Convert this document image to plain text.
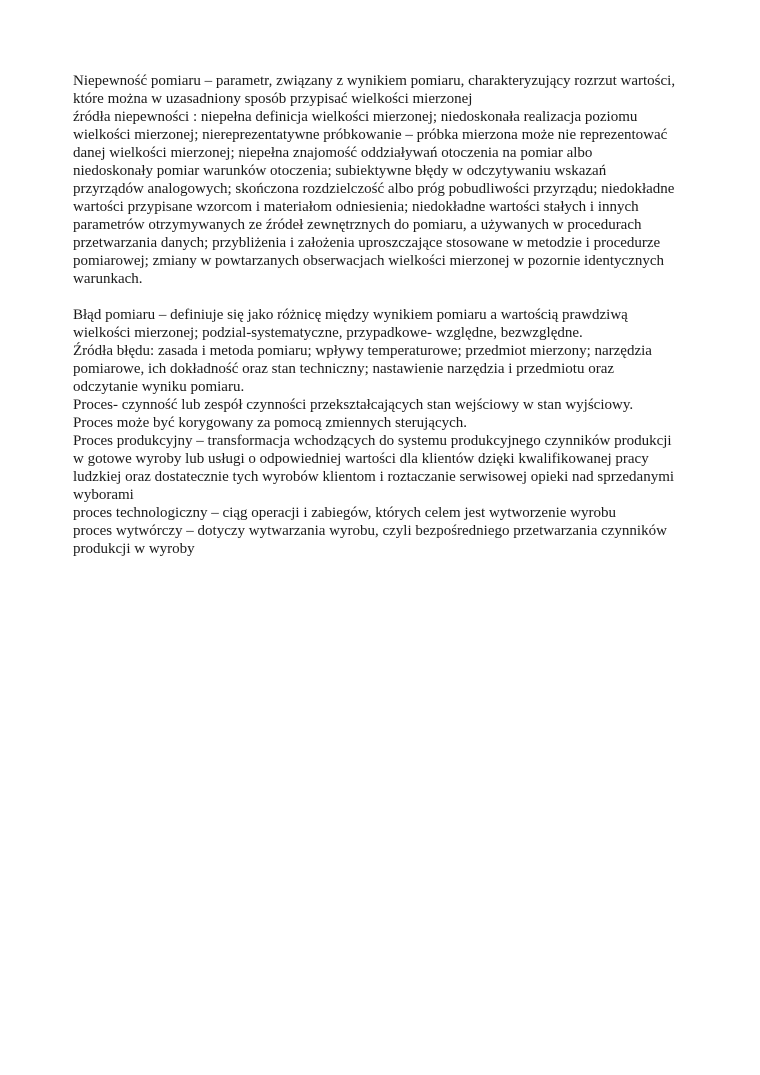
Niepewność pomiaru – parametr, związany z wynikiem pomiaru, charakteryzujący rozrzut wartości,
które można w uzasadniony sposób przypisać wielkości mierzonej
źródła niepewności : niepełna definicja wielkości mierzonej; niedoskonała realizacja poziomu
wielkości mierzonej; niereprezentatywne próbkowanie – próbka mierzona może nie reprezentować
danej wielkości mierzonej; niepełna znajomość oddziaływań otoczenia na pomiar albo
niedoskonały pomiar warunków otoczenia; subiektywne błędy w odczytywaniu wskazań
przyrządów analogowych; skończona rozdzielczość albo próg pobudliwości przyrządu; niedokładne
wartości przypisane wzorcom i materiałom odniesienia; niedokładne wartości stałych i innych
parametrów otrzymywanych ze źródeł zewnętrznych do pomiaru, a używanych w procedurach
przetwarzania danych; przybliżenia i założenia uproszczające stosowane w metodzie i procedurze
pomiarowej; zmiany w powtarzanych obserwacjach wielkości mierzonej w pozornie identycznych
warunkach.
Błąd pomiaru – definiuje się jako różnicę między wynikiem pomiaru a wartością prawdziwą
wielkości mierzonej; podzial-systematyczne, przypadkowe- względne, bezwzględne.
Źródła błędu: zasada i metoda pomiaru; wpływy temperaturowe; przedmiot mierzony; narzędzia
pomiarowe, ich dokładność oraz stan techniczny; nastawienie narzędzia i przedmiotu oraz
odczytanie wyniku pomiaru.
Proces- czynność lub zespół czynności przekształcających stan wejściowy w stan wyjściowy.
Proces może być korygowany za pomocą zmiennych sterujących.
Proces produkcyjny – transformacja wchodzących do systemu produkcyjnego czynników produkcji
w gotowe wyroby lub usługi o odpowiedniej wartości dla klientów dzięki kwalifikowanej pracy
ludzkiej oraz dostatecznie tych wyrobów klientom i roztaczanie serwisowej opieki nad sprzedanymi
wyborami
proces technologiczny – ciąg operacji i zabiegów, których celem jest wytworzenie wyrobu
proces wytwórczy – dotyczy wytwarzania wyrobu, czyli bezpośredniego przetwarzania czynników
produkcji w wyroby
